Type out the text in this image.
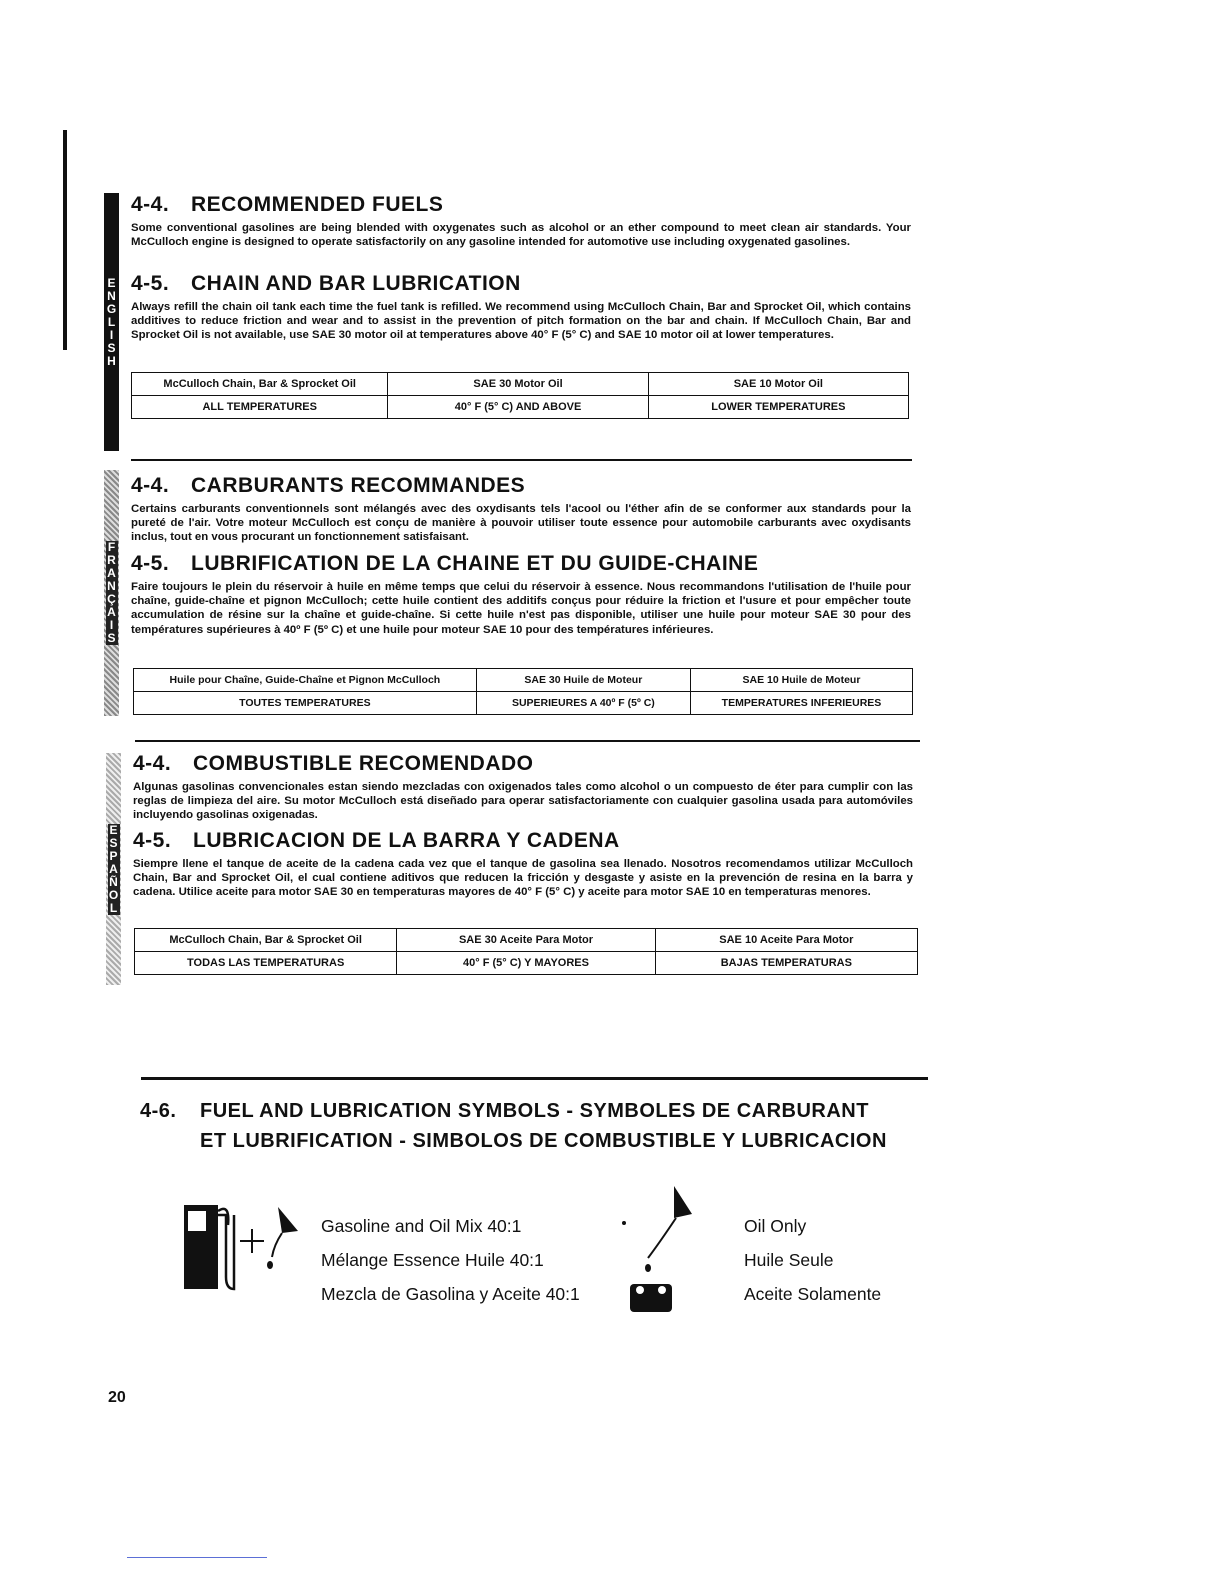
ENGLISH
FRANÇAIS
ESPAÑOL
4-4. RECOMMENDED FUELS
Some conventional gasolines are being blended with oxygenates such as alcohol or an ether compound to meet clean air standards. Your McCulloch engine is designed to operate satisfactorily on any gasoline intended for automotive use including oxygenated gasolines.
4-5. CHAIN AND BAR LUBRICATION
Always refill the chain oil tank each time the fuel tank is refilled. We recommend using McCulloch Chain, Bar and Sprocket Oil, which contains additives to reduce friction and wear and to assist in the prevention of pitch formation on the bar and chain. If McCulloch Chain, Bar and Sprocket Oil is not available, use SAE 30 motor oil at temperatures above 40° F (5° C) and SAE 10 motor oil at lower temperatures.
McCulloch Chain, Bar & Sprocket Oil	SAE 30 Motor Oil	SAE 10 Motor Oil
ALL TEMPERATURES	40° F (5° C) AND ABOVE	LOWER TEMPERATURES
4-4. CARBURANTS RECOMMANDES
Certains carburants conventionnels sont mélangés avec des oxydisants tels l'acool ou l'éther afin de se conformer aux standards pour la pureté de l'air. Votre moteur McCulloch est conçu de manière à pouvoir utiliser toute essence pour automobile carburants avec oxydisants inclus, tout en vous procurant un fonctionnement satisfaisant.
4-5. LUBRIFICATION DE LA CHAINE ET DU GUIDE-CHAINE
Faire toujours le plein du réservoir à huile en même temps que celui du réservoir à essence. Nous recommandons l'utilisation de l'huile pour chaîne, guide-chaîne et pignon McCulloch; cette huile contient des additifs conçus pour réduire la friction et l'usure et pour empêcher toute accumulation de résine sur la chaîne et guide-chaîne. Si cette huile n'est pas disponible, utiliser une huile pour moteur SAE 30 pour des températures supérieures à 40º F (5º C) et une huile pour moteur SAE 10 pour des températures inférieures.
Huile pour Chaîne, Guide-Chaîne et Pignon McCulloch	SAE 30 Huile de Moteur	SAE 10 Huile de Moteur
TOUTES TEMPERATURES	SUPERIEURES A 40º F (5º C)	TEMPERATURES INFERIEURES
4-4. COMBUSTIBLE RECOMENDADO
Algunas gasolinas convencionales estan siendo mezcladas con oxigenados tales como alcohol o un compuesto de éter para cumplir con las reglas de limpieza del aire. Su motor McCulloch está diseñado para operar satisfactoriamente con cualquier gasolina usada para automóviles incluyendo gasolinas oxigenadas.
4-5. LUBRICACION DE LA BARRA Y CADENA
Siempre llene el tanque de aceite de la cadena cada vez que el tanque de gasolina sea llenado. Nosotros recomendamos utilizar McCulloch Chain, Bar and Sprocket Oil, el cual contiene aditivos que reducen la fricción y desgaste y asiste en la prevención de resina en la barra y cadena. Utilice aceite para motor SAE 30 en temperaturas mayores de 40° F (5° C) y aceite para motor SAE 10 en temperaturas menores.
McCulloch Chain, Bar & Sprocket Oil	SAE 30 Aceite Para Motor	SAE 10 Aceite Para Motor
TODAS LAS TEMPERATURAS	40° F (5° C) Y MAYORES	BAJAS TEMPERATURAS
4-6. FUEL AND LUBRICATION SYMBOLS - SYMBOLES DE CARBURANT
ET LUBRIFICATION - SIMBOLOS DE COMBUSTIBLE Y LUBRICACION
Gasoline and Oil Mix 40:1
Mélange Essence Huile 40:1
Mezcla de Gasolina y Aceite 40:1
Oil Only
Huile Seule
Aceite Solamente
20
